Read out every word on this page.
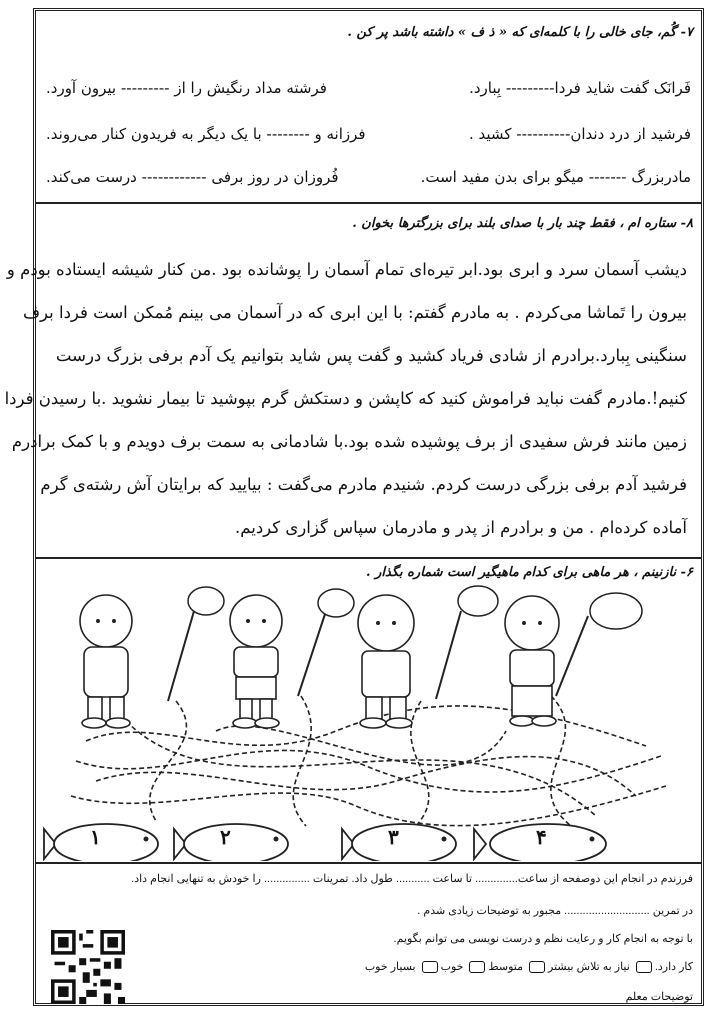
۷- گُم، جای خالی را با کلمه‌ای که « ذ ف » داشته باشد پر کن .
فَرانَک گفت شاید فردا--------- بِبارد.
فرشته مداد رنگیش را از --------- بیرون آورد.
فرشید از درد دندان---------- کشید .
فرزانه و -------- با یک دیگر به فریدون کنار می‌روند.
مادربزرگ ------- میگو برای بدن مفید است.
فُروزان در روز برفی ------------ درست می‌کند.
۸- ستاره ام ، فقط چند بار با صدای بلند برای بزرگترها بخوان .
دیشب آسمان سرد و ابری بود.ابر تیره‌ای تمام آسمان را پوشانده بود .من کنار شیشه ایستاده بودم و
بیرون را تَماشا می‌کردم . به مادرم گفتم: با این ابری که در آسمان می بینم مُمکن است فردا برف
سنگینی بِبارد.برادرم از شادی فریاد کشید و گفت پس شاید بتوانیم یک آدم برفی بزرگ درست
کنیم!.مادرم گفت نباید فراموش کنید که کاپشن و دستکش گرم بپوشید تا بیمار نشوید .با رسیدن فردا
زمین مانند فرش سفیدی از برف پوشیده شده بود.با شادمانی به سمت برف دویدم و با کمک برادرم
فرشید آدم برفی بزرگی درست کردم. شنیدم مادرم می‌گفت : بیایید که برایتان آش رشته‌ی گرم
آماده کرده‌ام . من و برادرم از پدر و مادرمان سپاس گزاری کردیم.
۶- نازنینم ، هر ماهی برای کدام ماهیگیر است شماره بگذار .
۱	۲	۳	۴
فرزندم در انجام این دوصفحه از ساعت.............. تا ساعت ........... طول داد. تمرینات ............... را خودش به تنهایی انجام داد.
در تمرین ............................ مجبور به توضیحات زیادی شدم .
با توجه به انجام کار و رعایت نظم و درست نویسی می توانم بگویم.
بسیار خوب خوب متوسط نیاز به تلاش بیشتر کار دارد.
توضیحات معلم
